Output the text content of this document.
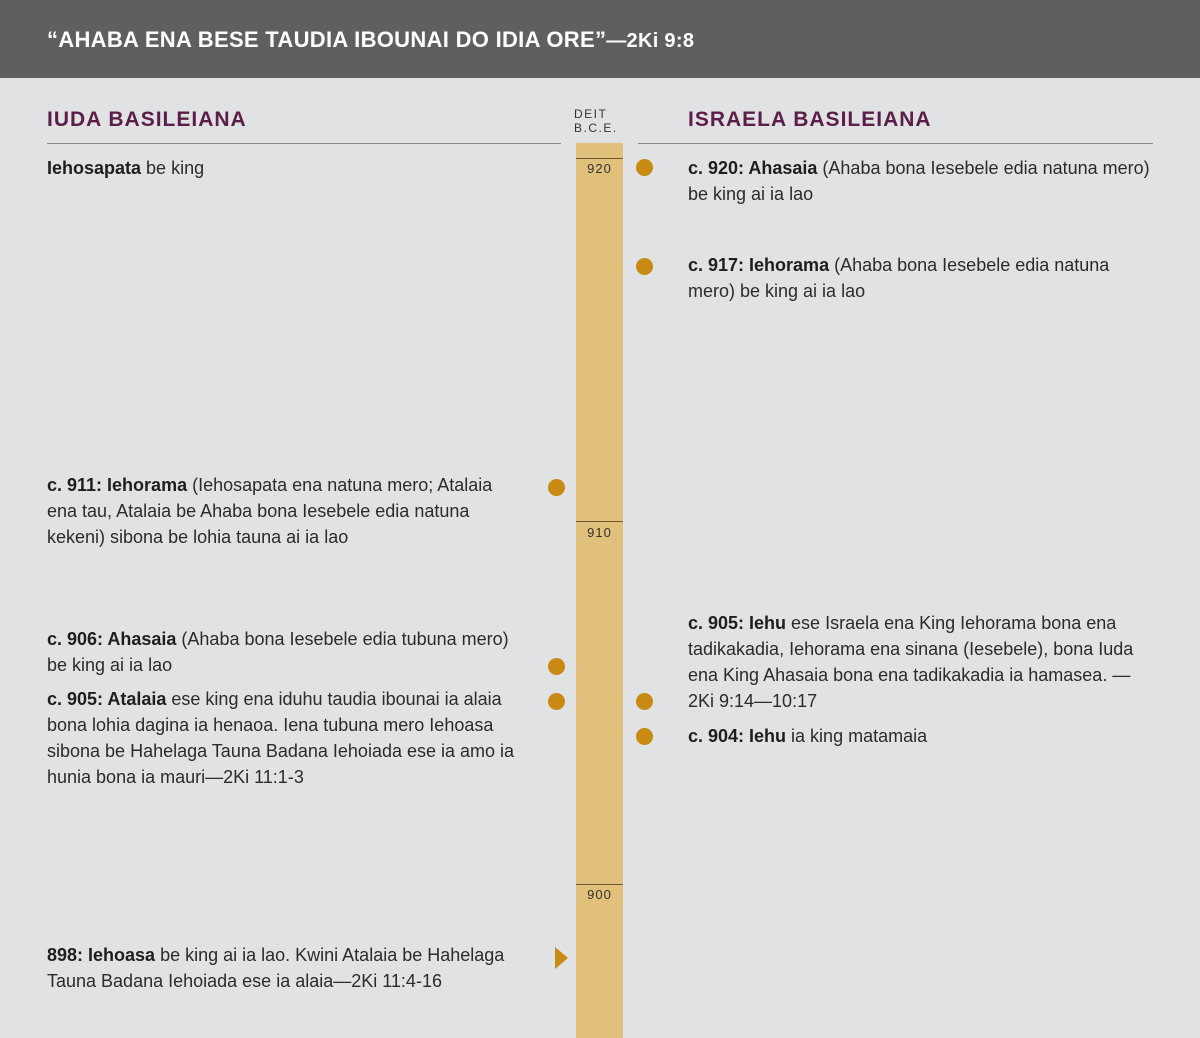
“AHABA ENA BESE TAUDIA IBOUNAI DO IDIA ORE”—2Ki 9:8
IUDA BASILEIANA	ISRAELA BASILEIANA
DEIT
B.C.E.
920
910
900
Iehosapata be king
c. 911: Iehorama (Iehosapata ena natuna mero; Atalaia ena tau, Atalaia be Ahaba bona Iesebele edia natuna kekeni) sibona be lohia tauna ai ia lao
c. 906: Ahasaia (Ahaba bona Iesebele edia tubuna mero) be king ai ia lao
c. 905: Atalaia ese king ena iduhu taudia ibounai ia alaia bona lohia dagina ia henaoa. Iena tubuna mero Iehoasa sibona be Hahelaga Tauna Badana Iehoiada ese ia amo ia hunia bona ia mauri—2Ki 11:1-3
898: Iehoasa be king ai ia lao. Kwini Atalaia be Hahelaga Tauna Badana Iehoiada ese ia alaia—2Ki 11:4-16
c. 920: Ahasaia (Ahaba bona Iesebele edia natuna mero) be king ai ia lao
c. 917: Iehorama (Ahaba bona Iesebele edia natuna mero) be king ai ia lao
c. 905: Iehu ese Israela ena King Iehorama bona ena tadikakadia, Iehorama ena sinana (Iesebele), bona Iuda ena King Ahasaia bona ena tadikakadia ia hamasea. —2Ki 9:14—10:17
c. 904: Iehu ia king matamaia
